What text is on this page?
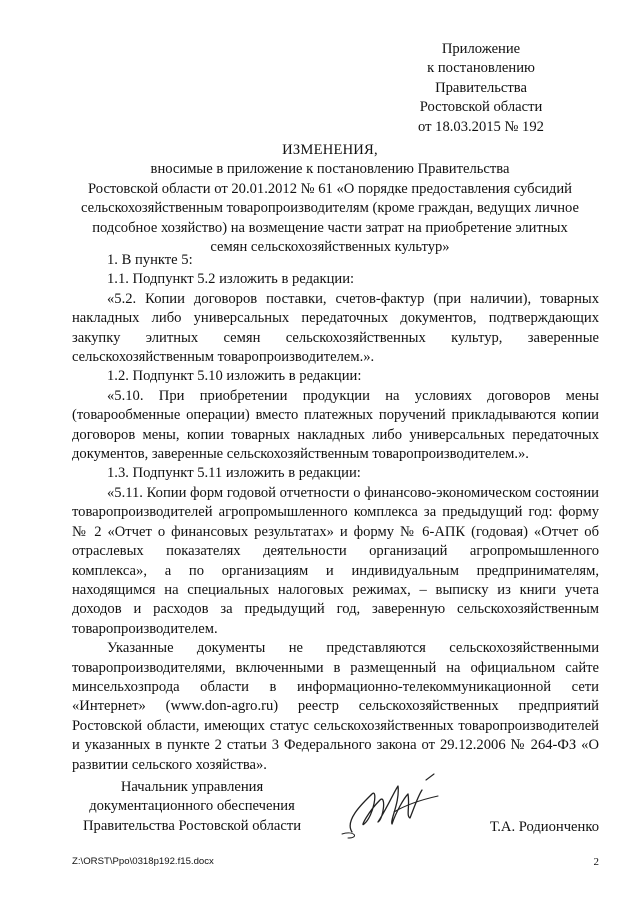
Приложение
к постановлению
Правительства
Ростовской области
от 18.03.2015 № 192
ИЗМЕНЕНИЯ,
вносимые в приложение к постановлению Правительства
Ростовской области от 20.01.2012 № 61 «О порядке предоставления субсидий
сельскохозяйственным товаропроизводителям (кроме граждан, ведущих личное
подсобное хозяйство) на возмещение части затрат на приобретение элитных
семян сельскохозяйственных культур»

1. В пункте 5:

1.1. Подпункт 5.2 изложить в редакции:

«5.2. Копии договоров поставки, счетов-фактур (при наличии), товарных накладных либо универсальных передаточных документов, подтверждающих закупку элитных семян сельскохозяйственных культур, заверенные сельскохозяйственным товаропроизводителем.».

1.2. Подпункт 5.10 изложить в редакции:

«5.10. При приобретении продукции на условиях договоров мены (товарообменные операции) вместо платежных поручений прикладываются копии договоров мены, копии товарных накладных либо универсальных передаточных документов, заверенные сельскохозяйственным товаропроизводителем.».

1.3. Подпункт 5.11 изложить в редакции:

«5.11. Копии форм годовой отчетности о финансово-экономическом состоянии товаропроизводителей агропромышленного комплекса за предыдущий год: форму № 2 «Отчет о финансовых результатах» и форму № 6-АПК (годовая) «Отчет об отраслевых показателях деятельности организаций агропромышленного комплекса», а по организациям и индивидуальным предпринимателям, находящимся на специальных налоговых режимах, – выписку из книги учета доходов и расходов за предыдущий год, заверенную сельскохозяйственным товаропроизводителем.

Указанные документы не представляются сельскохозяйственными товаропроизводителями, включенными в размещенный на официальном сайте минсельхозпрода области в информационно-телекоммуникационной сети «Интернет» (www.don-agro.ru) реестр сельскохозяйственных предприятий Ростовской области, имеющих статус сельскохозяйственных товаропроизводителей и указанных в пункте 2 статьи 3 Федерального закона от 29.12.2006 № 264-ФЗ «О развитии сельского хозяйства».

Начальник управления
документационного обеспечения
Правительства Ростовской области	Т.А. Родионченко
Z:\ORST\Ppo\0318p192.f15.docx	2
